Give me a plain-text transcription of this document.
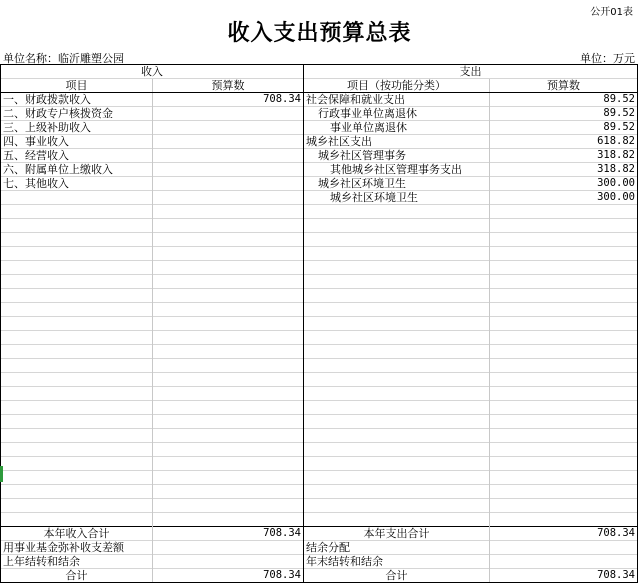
公开01表
收入支出预算总表
单位名称：临沂雕塑公园	单位：万元
收入		支出	
项目	预算数	项目（按功能分类）	预算数
一、财政拨款收入	708.34	社会保障和就业支出	89.52
二、财政专户核拨资金		行政事业单位离退休	89.52
三、上级补助收入		事业单位离退休	89.52
四、事业收入		城乡社区支出	618.82
五、经营收入		城乡社区管理事务	318.82
六、附属单位上缴收入		其他城乡社区管理事务支出	318.82
七、其他收入		城乡社区环境卫生	300.00
		城乡社区环境卫生	300.00

本年收入合计	708.34	本年支出合计	708.34
用事业基金弥补收支差额		结余分配	
上年结转和结余		年末结转和结余	
合计	708.34	合计	708.34
